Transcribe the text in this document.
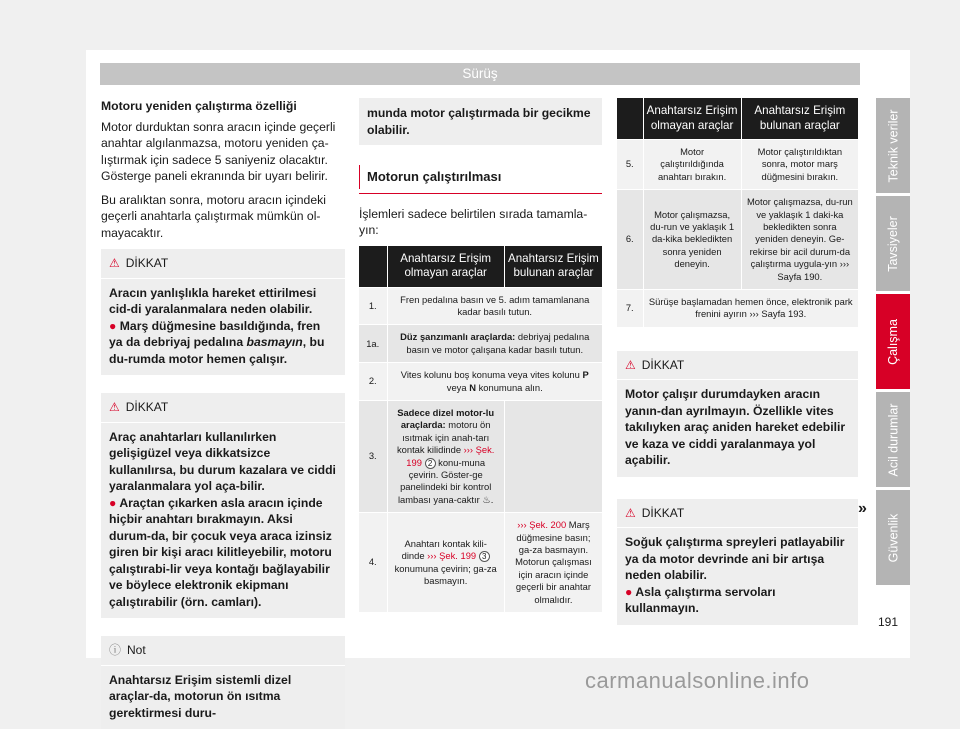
Sürüş

Motoru yeniden çalıştırma özelliği

Motor durduktan sonra aracın içinde geçerli anahtar algılanmazsa, motoru yeniden ça-lıştırmak için sadece 5 saniyeniz olacaktır. Gösterge paneli ekranında bir uyarı belirir.

Bu aralıktan sonra, motoru aracın içindeki geçerli anahtarla çalıştırmak mümkün ol-mayacaktır.

⚠ DİKKAT
Aracın yanlışlıkla hareket ettirilmesi cid-di yaralanmalara neden olabilir.
● Marş düğmesine basıldığında, fren ya da debriyaj pedalına basmayın, bu du-rumda motor hemen çalışır.
⚠ DİKKAT
Araç anahtarları kullanılırken gelişigüzel veya dikkatsizce kullanılırsa, bu durum kazalara ve ciddi yaralanmalara yol aça-bilir.
● Araçtan çıkarken asla aracın içinde hiçbir anahtarı bırakmayın. Aksi durum-da, bir çocuk veya araca izinsiz giren bir kişi aracı kilitleyebilir, motoru çalıştırabi-lir veya kontağı bağlayabilir ve böylece elektronik ekipmanı çalıştırabilir (örn. camları).
ⓘ Not
Anahtarsız Erişim sistemli dizel araçlar-da, motorun ön ısıtma gerektirmesi duru-
munda motor çalıştırmada bir gecikme olabilir.
Motorun çalıştırılması

İşlemleri sadece belirtilen sırada tamamla-yın:

	Anahtarsız Erişim olmayan araçlar	Anahtarsız Erişim bulunan araçlar
1.	Fren pedalına basın ve 5. adım tamamlanana kadar basılı tutun.	
1a.	Düz şanzımanlı araçlarda: debriyaj pedalına basın ve motor çalışana kadar basılı tutun.	
2.	Vites kolunu boş konuma veya vites kolunu P veya N konumuna alın.	
3.	Sadece dizel motor-lu araçlarda: motoru ön ısıtmak için anah-tarı kontak kilidinde ››› Şek. 199 2 konu-muna çevirin. Göster-ge panelindeki bir kontrol lambası yana-caktır ♨.	
4.	Anahtarı kontak kili-dinde ››› Şek. 199 3 konumuna çevirin; ga-za basmayın.	››› Şek. 200 Marş düğmesine basın; ga-za basmayın. Motorun çalışması için aracın içinde geçerli bir anahtar olmalıdır.
	Anahtarsız Erişim olmayan araçlar	Anahtarsız Erişim bulunan araçlar
5.	Motor çalıştırıldığında anahtarı bırakın.	Motor çalıştırıldıktan sonra, motor marş düğmesini bırakın.
6.	Motor çalışmazsa, du-run ve yaklaşık 1 da-kika bekledikten sonra yeniden deneyin.	Motor çalışmazsa, du-run ve yaklaşık 1 daki-ka bekledikten sonra yeniden deneyin. Ge-rekirse bir acil durum-da çalıştırma uygula-yın ››› Sayfa 190.
7.	Sürüşe başlamadan hemen önce, elektronik park frenini ayırın ››› Sayfa 193.	
⚠ DİKKAT
Motor çalışır durumdayken aracın yanın-dan ayrılmayın. Özellikle vites takılıyken araç aniden hareket edebilir ve kaza ve ciddi yaralanmaya yol açabilir.
⚠ DİKKAT
Soğuk çalıştırma spreyleri patlayabilir ya da motor devrinde ani bir artışa neden olabilir.
● Asla çalıştırma servoları kullanmayın.
»
Teknik veriler
Tavsiyeler
Çalışma
Acil durumlar
Güvenlik
191
carmanualsonline.info
